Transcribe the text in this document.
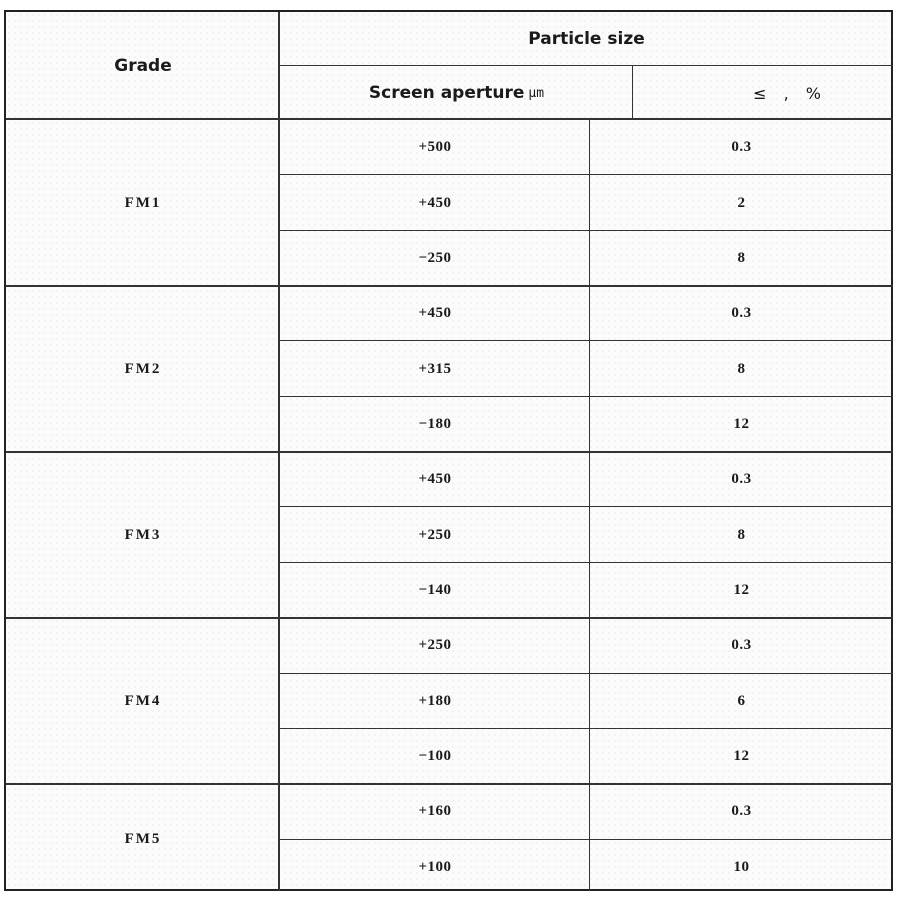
Grade
Particle size
Screen aperture μm	≤ , %
FM1
+500	0.3
+450	2
−250	8
FM2
+450	0.3
+315	8
−180	12
FM3
+450	0.3
+250	8
−140	12
FM4
+250	0.3
+180	6
−100	12
FM5
+160	0.3
+100	10
